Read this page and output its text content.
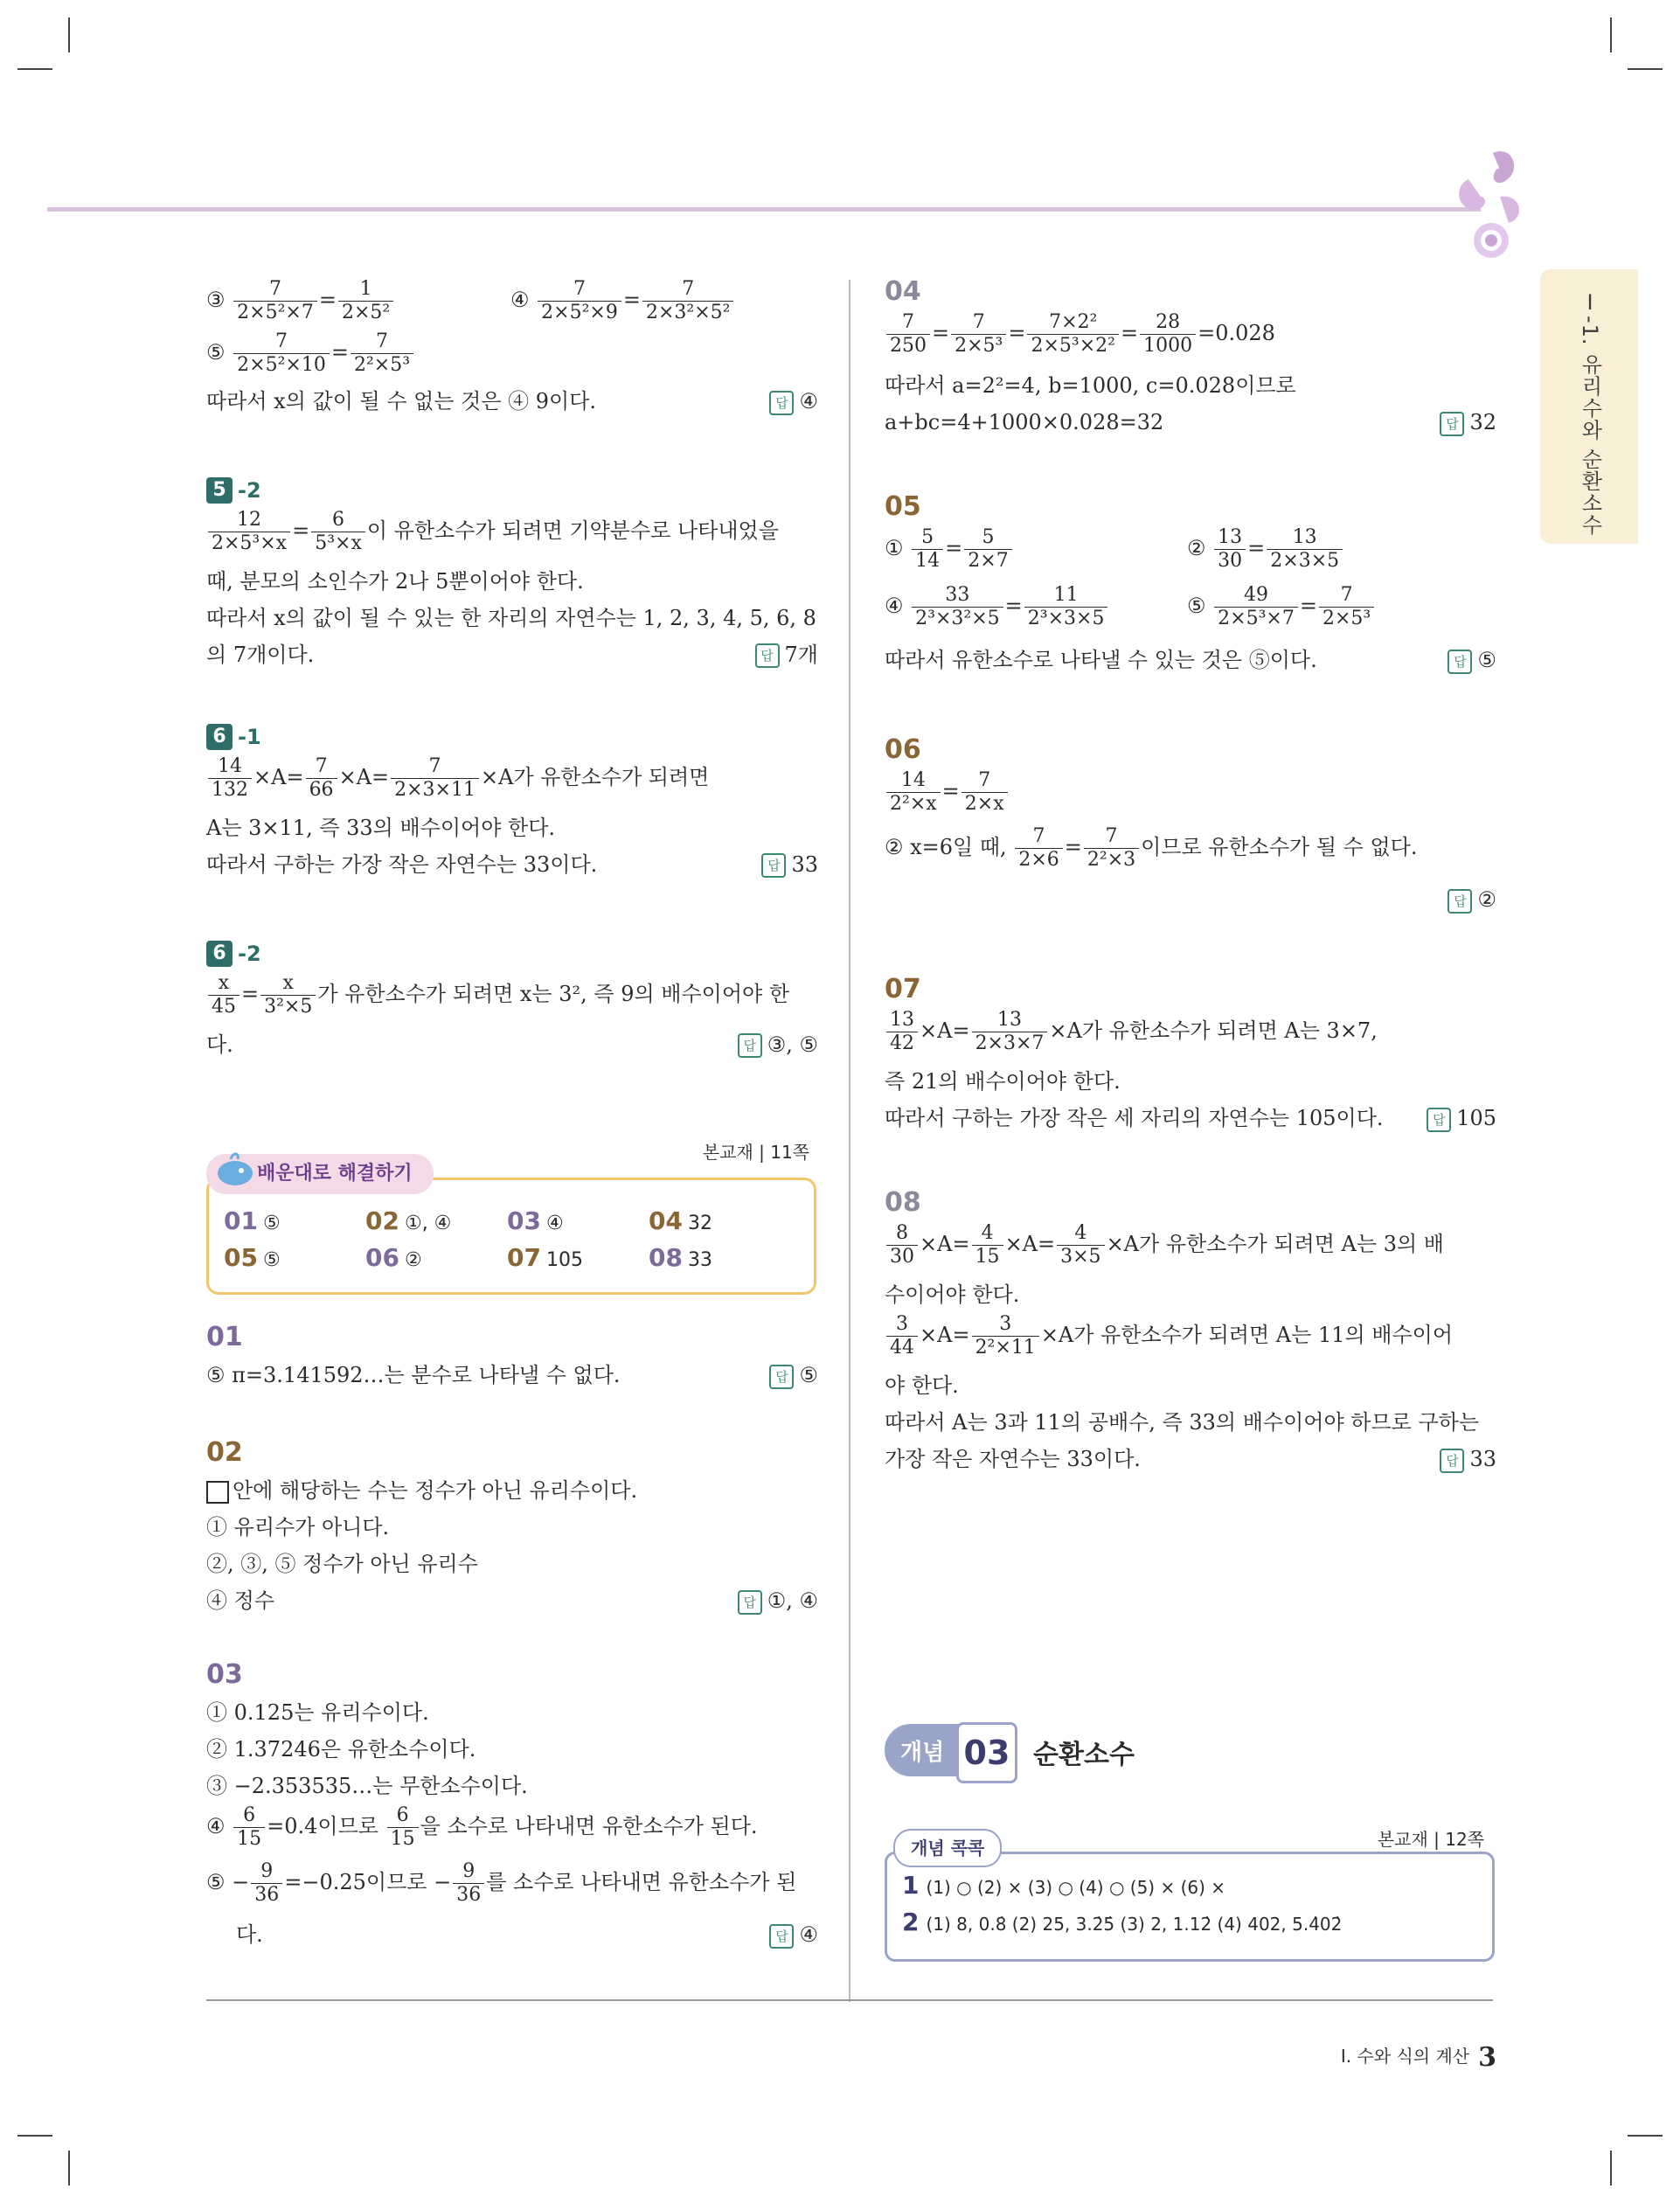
Ⅰ-1. 유리수와 순환소수
③ $\frac{7}{\text{2×5²×7}} = \frac{1}{\text{2×5²}}$	④ $\frac{7}{\text{2×5²×9}} = \frac{7}{\text{2×3²×5²}}$
⑤ $\frac{7}{\text{2×5²×10}} = \frac{7}{\text{2²×5³}}$
따라서 x의 값이 될 수 없는 것은 ④ 9이다.	답 ④
5 -2
$\frac{12}{\text{2×5³×x}} = \frac{6}{\text{5³×x}}$ 이 유한소수가 되려면 기약분수로 나타내었을
때, 분모의 소인수가 2나 5뿐이어야 한다.
따라서 x의 값이 될 수 있는 한 자리의 자연수는 1, 2, 3, 4, 5, 6, 8
의 7개이다.	답 7개
6 -1
$\frac{14}{132} \times A= \frac{7}{66} \times A= \frac{7}{2\times 3\times 11} \times A$가 유한소수가 되려면
A는 3×11, 즉 33의 배수이어야 한다.
따라서 구하는 가장 작은 자연수는 33이다.	답 33
6 -2
$\frac{x}{45} = \frac{x}{\text{3²×5}}$ 가 유한소수가 되려면 x는 3², 즉 9의 배수이어야 한
다.	답 ③, ⑤
배운대로 해결하기
본교재 | 11쪽
01 ⑤	02 ①, ④ 03 ④	04 32
05 ⑤	06 ②	07 105	08 33
01
⑤ π=3.141592…는 분수로 나타낼 수 없다.	답 ⑤
02
안에 해당하는 수는 정수가 아닌 유리수이다.
① 유리수가 아니다.
②, ③, ⑤ 정수가 아닌 유리수
④ 정수	답 ①, ④
03
① 0.125는 유리수이다.
② 1.37246은 유한소수이다.
③ −2.353535…는 무한소수이다.
④ $\frac{6}{15} =0.4$이므로 $\frac{6}{15}$ 을 소수로 나타내면 유한소수가 된다.
⑤ − $\frac{9}{36} =-0.25$이므로 − $\frac{9}{36}$ 를 소수로 나타내면 유한소수가 된
다.	답 ④
04
$\frac{7}{250} = \frac{7}{\text{2×5³}} = \frac{\text{7×2²}}{\text{2×5³×2²}} = \frac{28}{1000} =0.028$
따라서 a=2²=4, b=1000, c=0.028이므로
a+bc=4+1000×0.028=32	답 32
05
① $\frac{5}{14} = \frac{5}{2\times 7}$	② $\frac{13}{30} = \frac{13}{2\times 3\times 5}$
④ $\frac{33}{\text{2³×3²×5}} = \frac{11}{\text{2³×3×5}}$	⑤ $\frac{49}{\text{2×5³×7}} = \frac{7}{\text{2×5³}}$
따라서 유한소수로 나타낼 수 있는 것은 ⑤이다.	답 ⑤
06
$\frac{14}{\text{2²×x}} = \frac{7}{2\times x}$
② x=6일 때, $\frac{7}{2\times 6} = \frac{7}{\text{2²×3}}$ 이므로 유한소수가 될 수 없다.
답 ②
07
$\frac{13}{42} \times A= \frac{13}{2\times 3\times 7} \times A$가 유한소수가 되려면 A는 3×7,
즉 21의 배수이어야 한다.
따라서 구하는 가장 작은 세 자리의 자연수는 105이다.	답 105
08
$\frac{8}{30} \times A= \frac{4}{15} \times A= \frac{4}{3\times 5} \times A$가 유한소수가 되려면 A는 3의 배
수이어야 한다.
$\frac{3}{44} \times A= \frac{3}{\text{2²×11}} \times A$가 유한소수가 되려면 A는 11의 배수이어
야 한다.
따라서 A는 3과 11의 공배수, 즉 33의 배수이어야 하므로 구하는
가장 작은 자연수는 33이다.	답 33
개념 03 순환소수
개념 콕콕	본교재 | 12쪽
1 (1) ○ (2) × (3) ○ (4) ○ (5) × (6) ×
2 (1) 8, 0.8̇ (2) 25, 3.2̇5̇ (3) 2, 1.12̇ (4) 402, 5.4̇02̇
Ⅰ. 수와 식의 계산 3
